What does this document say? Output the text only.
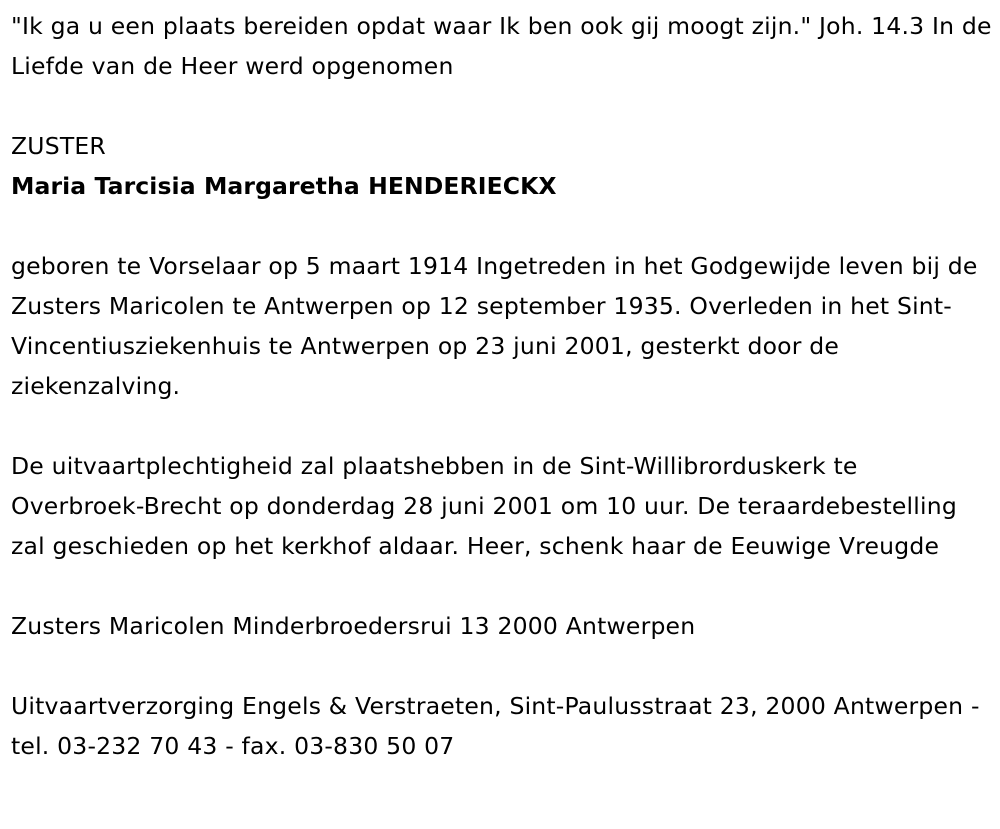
"Ik ga u een plaats bereiden opdat waar Ik ben ook gij moogt zijn." Joh. 14.3 In de Liefde van de Heer werd opgenomen

ZUSTER

Maria Tarcisia Margaretha HENDERIECKX

geboren te Vorselaar op 5 maart 1914 Ingetreden in het Godgewijde leven bij de Zusters Maricolen te Antwerpen op 12 september 1935. Overleden in het Sint-Vincentiusziekenhuis te Antwerpen op 23 juni 2001, gesterkt door de ziekenzalving.

De uitvaartplechtigheid zal plaatshebben in de Sint-Willibrorduskerk te Overbroek-Brecht op donderdag 28 juni 2001 om 10 uur. De teraardebestelling zal geschieden op het kerkhof aldaar. Heer, schenk haar de Eeuwige Vreugde

Zusters Maricolen Minderbroedersrui 13 2000 Antwerpen

Uitvaartverzorging Engels & Verstraeten, Sint-Paulusstraat 23, 2000 Antwerpen - tel. 03-232 70 43 - fax. 03-830 50 07
